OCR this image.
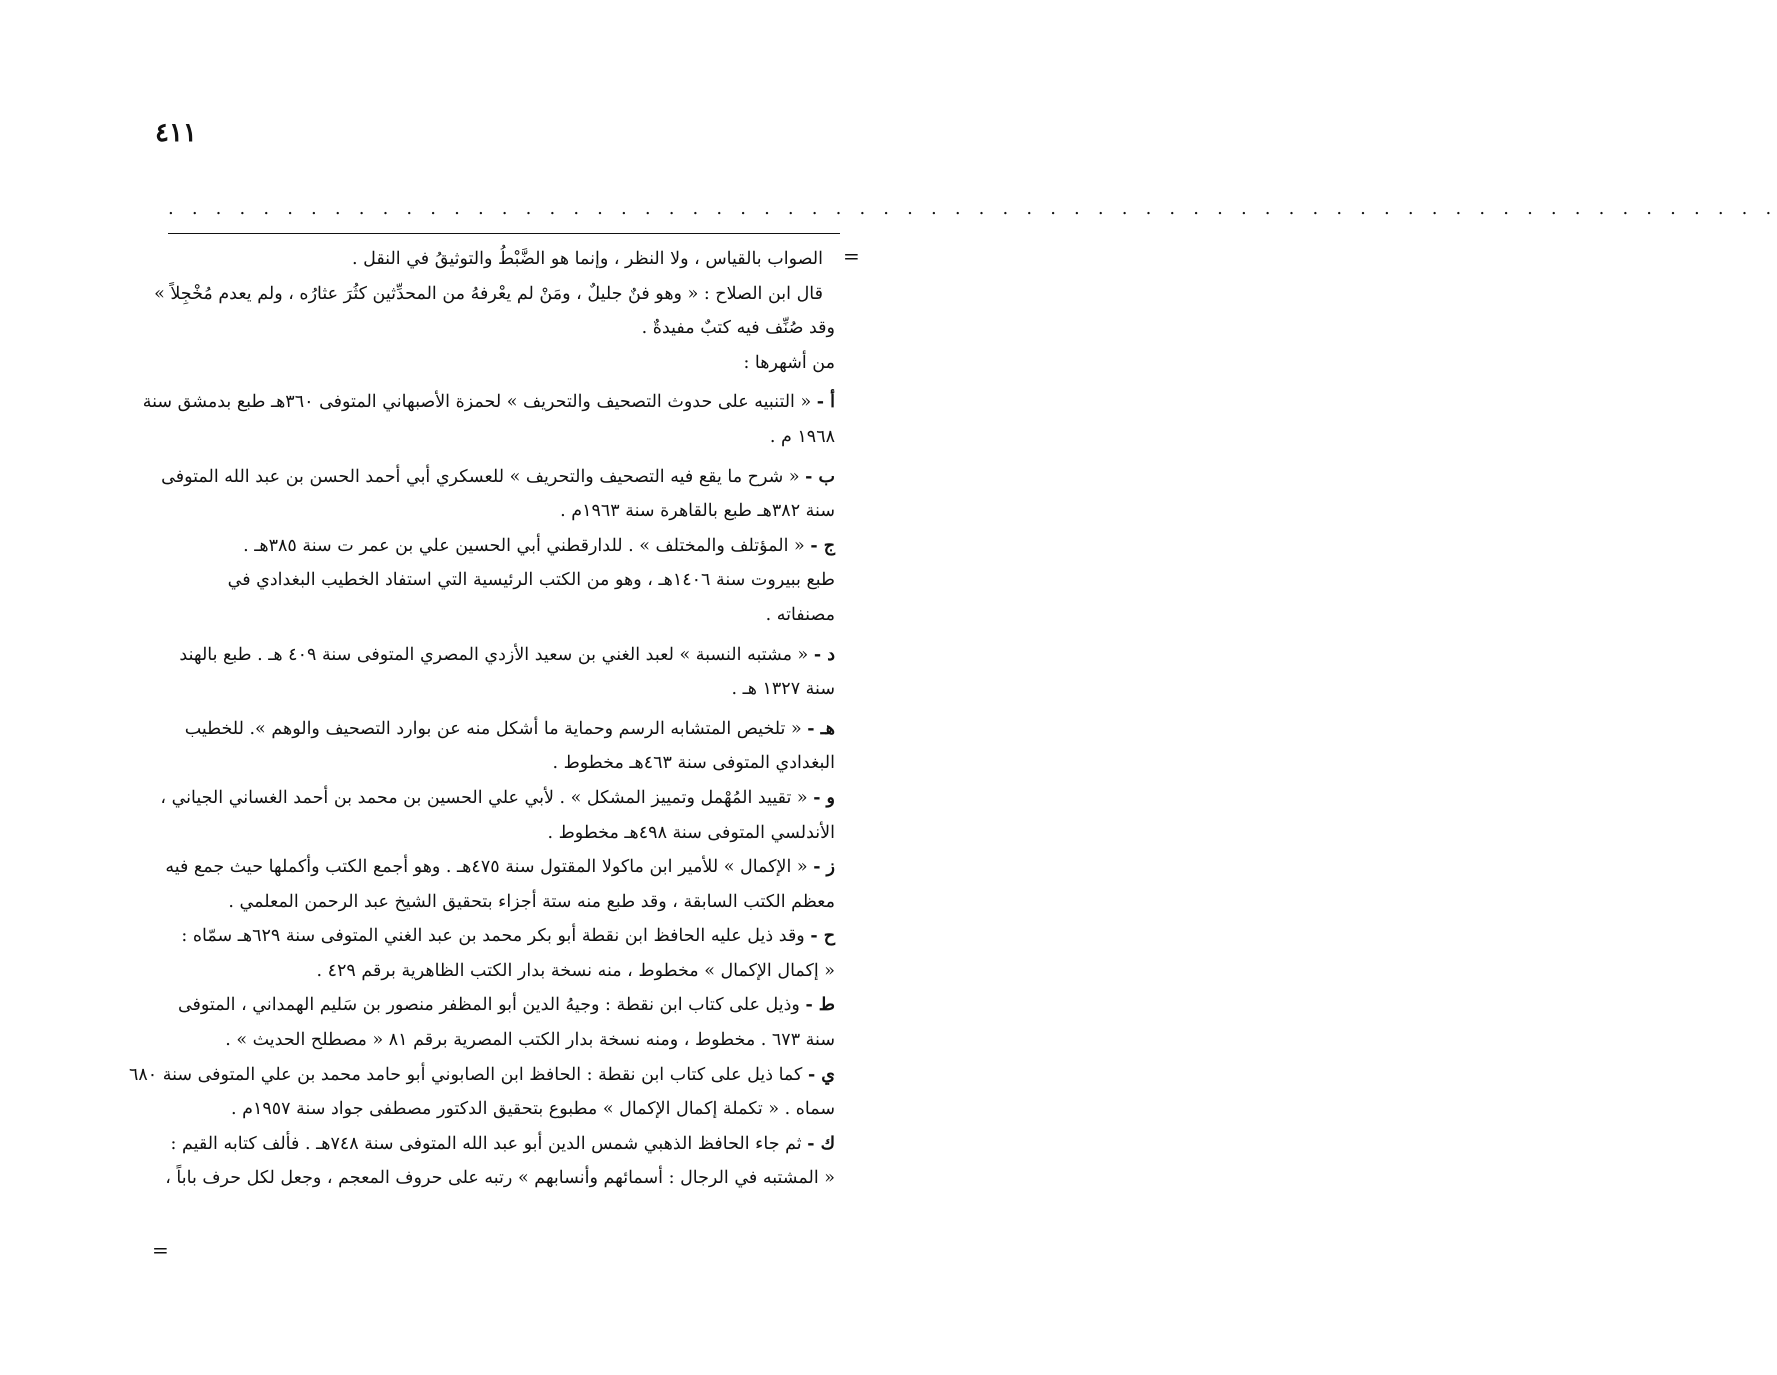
٤١١
. . . . . . . . . . . . . . . . . . . . . . . . . . . . . . . . . . . . . . . . . . . . . . . . . . . . . . . . . . . . . . . . . . . .
=
الصواب بالقياس ، ولا النظر ، وإنما هو الضَّبْطُ والتوثيقُ في النقل .
قال ابن الصلاح : « وهو فنٌ جليلٌ ، ومَنْ لم يعْرفهُ من المحدِّثين كثُرَ عثارُه ، ولم يعدم مُخْجِلاً »
وقد صُنِّف فيه كتبٌ مفيدةٌ .
من أشهرها :
أ - « التنبيه على حدوث التصحيف والتحريف » لحمزة الأصبهاني المتوفى ٣٦٠هـ طبع بدمشق سنة
١٩٦٨ م .
ب - « شرح ما يقع فيه التصحيف والتحريف » للعسكري أبي أحمد الحسن بن عبد الله المتوفى
سنة ٣٨٢هـ طبع بالقاهرة سنة ١٩٦٣م .
ج - « المؤتلف والمختلف » . للدارقطني أبي الحسين علي بن عمر ت سنة ٣٨٥هـ .
طبع ببيروت سنة ١٤٠٦هـ ، وهو من الكتب الرئيسية التي استفاد الخطيب البغدادي في
مصنفاته .
د - « مشتبه النسبة » لعبد الغني بن سعيد الأزدي المصري المتوفى سنة ٤٠٩ هـ . طبع بالهند
سنة ١٣٢٧ هـ .
هـ - « تلخيص المتشابه الرسم وحماية ما أشكل منه عن بوارد التصحيف والوهم ». للخطيب
البغدادي المتوفى سنة ٤٦٣هـ مخطوط .
و - « تقييد المُهْمل وتمييز المشكل » . لأبي علي الحسين بن محمد بن أحمد الغساني الجياني ،
الأندلسي المتوفى سنة ٤٩٨هـ مخطوط .
ز - « الإكمال » للأمير ابن ماكولا المقتول سنة ٤٧٥هـ . وهو أجمع الكتب وأكملها حيث جمع فيه
معظم الكتب السابقة ، وقد طبع منه ستة أجزاء بتحقيق الشيخ عبد الرحمن المعلمي .
ح - وقد ذيل عليه الحافظ ابن نقطة أبو بكر محمد بن عبد الغني المتوفى سنة ٦٢٩هـ سمّاه :
« إكمال الإكمال » مخطوط ، منه نسخة بدار الكتب الظاهرية برقم ٤٢٩ .
ط - وذيل على كتاب ابن نقطة : وجيهُ الدين أبو المظفر منصور بن سَليم الهمداني ، المتوفى
سنة ٦٧٣ . مخطوط ، ومنه نسخة بدار الكتب المصرية برقم ٨١ « مصطلح الحديث » .
ي - كما ذيل على كتاب ابن نقطة : الحافظ ابن الصابوني أبو حامد محمد بن علي المتوفى سنة ٦٨٠
سماه . « تكملة إكمال الإكمال » مطبوع بتحقيق الدكتور مصطفى جواد سنة ١٩٥٧م .
ك - ثم جاء الحافظ الذهبي شمس الدين أبو عبد الله المتوفى سنة ٧٤٨هـ . فألف كتابه القيم :
« المشتبه في الرجال : أسمائهم وأنسابهم » رتبه على حروف المعجم ، وجعل لكل حرف باباً ،
=
